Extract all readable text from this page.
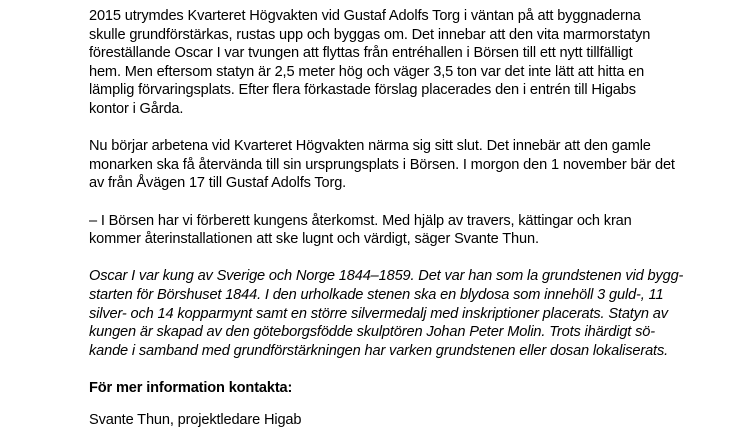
2015 utrymdes Kvarteret Högvakten vid Gustaf Adolfs Torg i väntan på att byggnaderna
skulle grundförstärkas, rustas upp och byggas om. Det innebar att den vita marmorstatyn
föreställande Oscar I var tvungen att flyttas från entréhallen i Börsen till ett nytt tillfälligt
hem. Men eftersom statyn är 2,5 meter hög och väger 3,5 ton var det inte lätt att hitta en
lämplig förvaringsplats. Efter flera förkastade förslag placerades den i entrén till Higabs
kontor i Gårda.

Nu börjar arbetena vid Kvarteret Högvakten närma sig sitt slut. Det innebär att den gamle
monarken ska få återvända till sin ursprungsplats i Börsen. I morgon den 1 november bär det
av från Åvägen 17 till Gustaf Adolfs Torg.

– I Börsen har vi förberett kungens återkomst. Med hjälp av travers, kättingar och kran
kommer återinstallationen att ske lugnt och värdigt, säger Svante Thun.

Oscar I var kung av Sverige och Norge 1844–1859. Det var han som la grundstenen vid bygg-
starten för Börshuset 1844. I den urholkade stenen ska en blydosa som innehöll 3 guld-, 11
silver- och 14 kopparmynt samt en större silvermedalj med inskriptioner placerats. Statyn av
kungen är skapad av den göteborgsfödde skulptören Johan Peter Molin. Trots ihärdigt sö-
kande i samband med grundförstärkningen har varken grundstenen eller dosan lokaliserats.

För mer information kontakta:

Svante Thun, projektledare Higab
